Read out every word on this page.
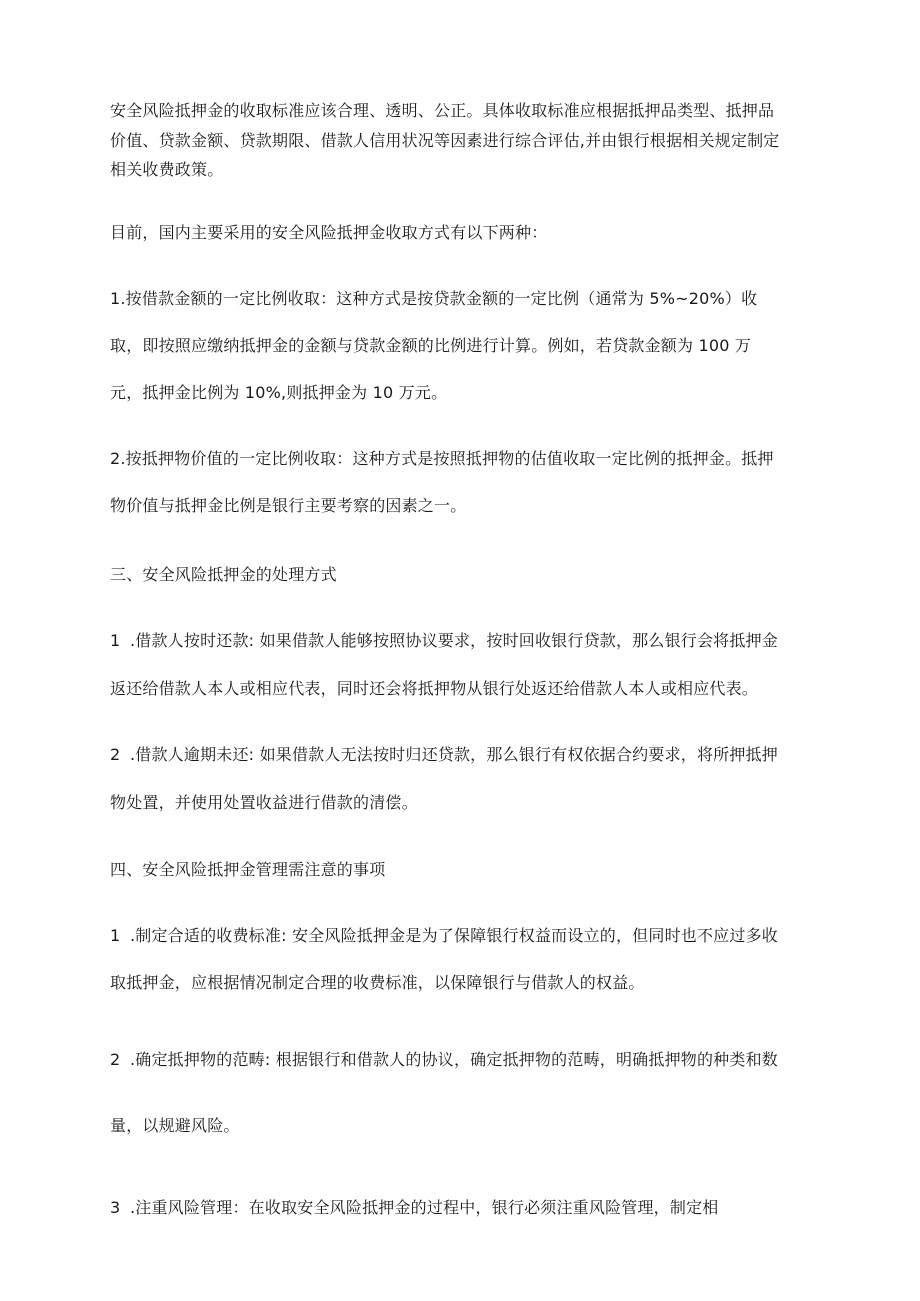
安全风险抵押金的收取标准应该合理、透明、公正。具体收取标准应根据抵押品类型、抵押品
价值、贷款金额、贷款期限、借款人信用状况等因素进行综合评估,并由银行根据相关规定制定
相关收费政策。
目前，国内主要采用的安全风险抵押金收取方式有以下两种：
1.按借款金额的一定比例收取：这种方式是按贷款金额的一定比例（通常为 5%~20%）收
取，即按照应缴纳抵押金的金额与贷款金额的比例进行计算。例如，若贷款金额为 100 万
元，抵押金比例为 10%,则抵押金为 10 万元。
2.按抵押物价值的一定比例收取：这种方式是按照抵押物的估值收取一定比例的抵押金。抵押
物价值与抵押金比例是银行主要考察的因素之一。
三、安全风险抵押金的处理方式
1 .借款人按时还款: 如果借款人能够按照协议要求，按时回收银行贷款，那么银行会将抵押金
返还给借款人本人或相应代表，同时还会将抵押物从银行处返还给借款人本人或相应代表。
2 .借款人逾期未还: 如果借款人无法按时归还贷款，那么银行有权依据合约要求，将所押抵押
物处置，并使用处置收益进行借款的清偿。
四、安全风险抵押金管理需注意的事项
1 .制定合适的收费标准: 安全风险抵押金是为了保障银行权益而设立的，但同时也不应过多收
取抵押金，应根据情况制定合理的收费标准，以保障银行与借款人的权益。
2 .确定抵押物的范畴: 根据银行和借款人的协议，确定抵押物的范畴，明确抵押物的种类和数
量，以规避风险。
3 .注重风险管理：在收取安全风险抵押金的过程中，银行必须注重风险管理，制定相
